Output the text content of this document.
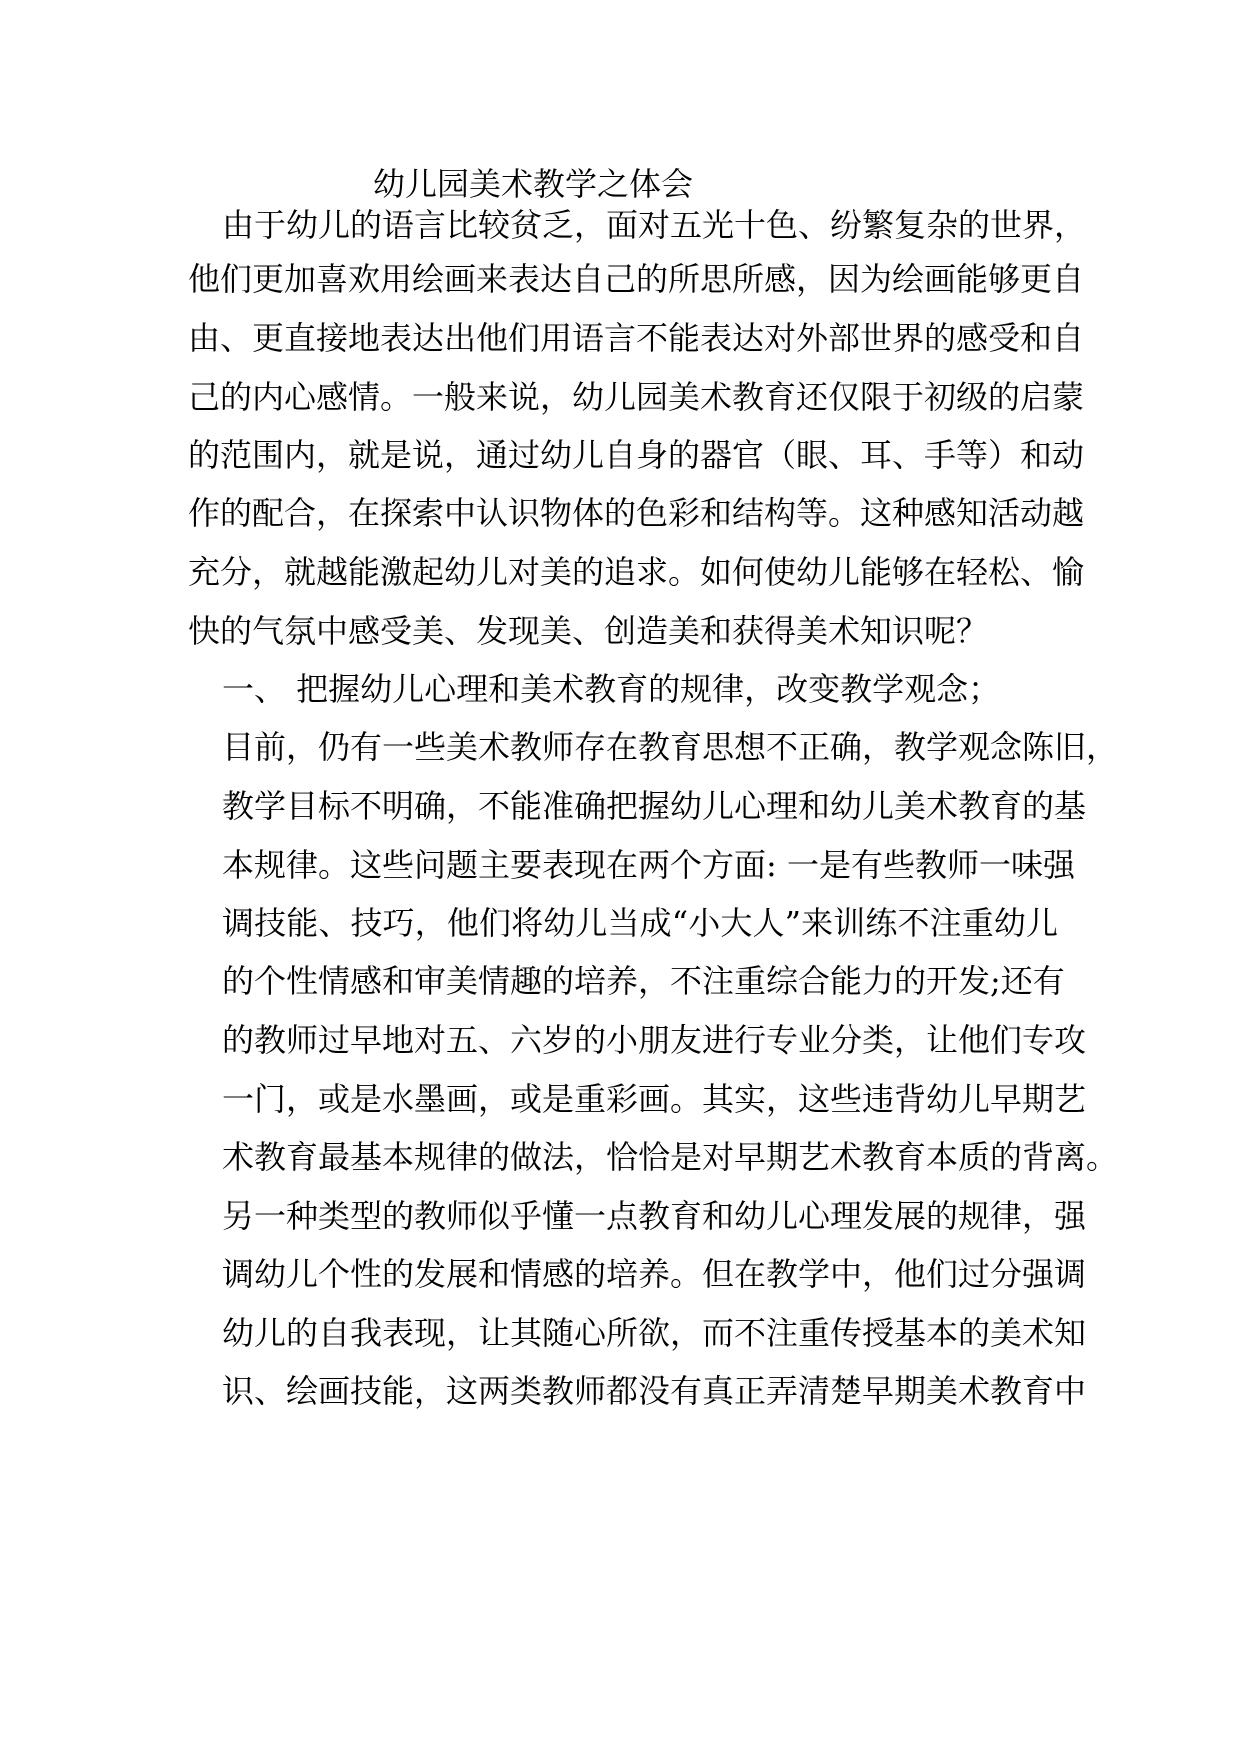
幼儿园美术教学之体会

由于幼儿的语言比较贫乏，面对五光十色、纷繁复杂的世界，

他们更加喜欢用绘画来表达自己的所思所感，因为绘画能够更自

由、更直接地表达出他们用语言不能表达对外部世界的感受和自

己的内心感情。一般来说，幼儿园美术教育还仅限于初级的启蒙

的范围内，就是说，通过幼儿自身的器官（眼、耳、手等）和动

作的配合，在探索中认识物体的色彩和结构等。这种感知活动越

充分，就越能激起幼儿对美的追求。如何使幼儿能够在轻松、愉

快的气氛中感受美、发现美、创造美和获得美术知识呢？

一、 把握幼儿心理和美术教育的规律，改变教学观念；

目前，仍有一些美术教师存在教育思想不正确，教学观念陈旧，

教学目标不明确，不能准确把握幼儿心理和幼儿美术教育的基

本规律。这些问题主要表现在两个方面: 一是有些教师一味强

调技能、技巧，他们将幼儿当成“小大人”来训练不注重幼儿

的个性情感和审美情趣的培养，不注重综合能力的开发;还有

的教师过早地对五、六岁的小朋友进行专业分类，让他们专攻

一门，或是水墨画，或是重彩画。其实，这些违背幼儿早期艺

术教育最基本规律的做法，恰恰是对早期艺术教育本质的背离。

另一种类型的教师似乎懂一点教育和幼儿心理发展的规律，强

调幼儿个性的发展和情感的培养。但在教学中，他们过分强调

幼儿的自我表现，让其随心所欲，而不注重传授基本的美术知

识、绘画技能，这两类教师都没有真正弄清楚早期美术教育中
